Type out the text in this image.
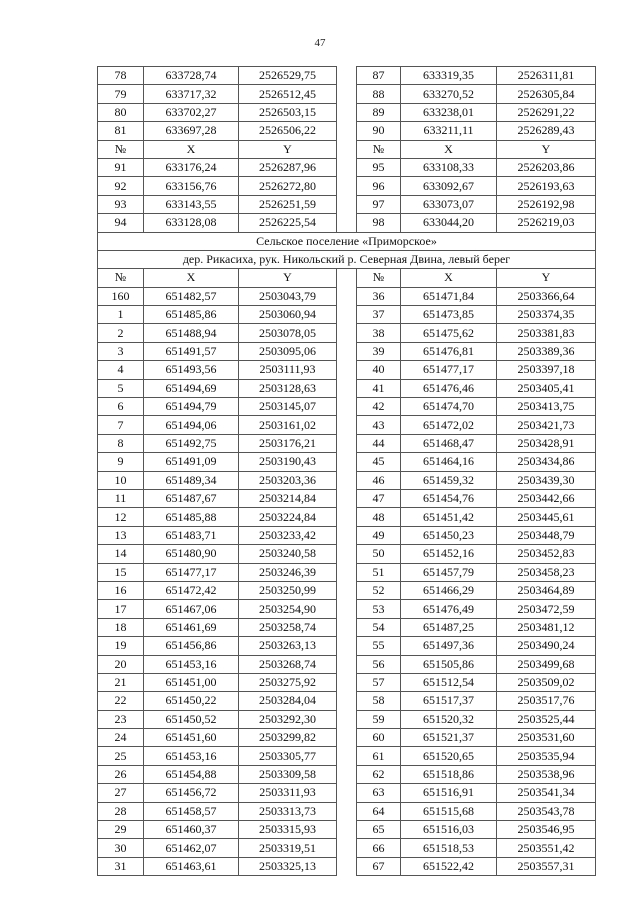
47
78	633728,74	2526529,75		87	633319,35	2526311,81
79	633717,32	2526512,45		88	633270,52	2526305,84
80	633702,27	2526503,15		89	633238,01	2526291,22
81	633697,28	2526506,22		90	633211,11	2526289,43
№	X	Y		№	X	Y
91	633176,24	2526287,96		95	633108,33	2526203,86
92	633156,76	2526272,80		96	633092,67	2526193,63
93	633143,55	2526251,59		97	633073,07	2526192,98
94	633128,08	2526225,54		98	633044,20	2526219,03
Сельское поселение «Приморское»						
дер. Рикасиха, рук. Никольский р. Северная Двина, левый берег						
№	X	Y		№	X	Y
160	651482,57	2503043,79		36	651471,84	2503366,64
1	651485,86	2503060,94		37	651473,85	2503374,35
2	651488,94	2503078,05		38	651475,62	2503381,83
3	651491,57	2503095,06		39	651476,81	2503389,36
4	651493,56	2503111,93		40	651477,17	2503397,18
5	651494,69	2503128,63		41	651476,46	2503405,41
6	651494,79	2503145,07		42	651474,70	2503413,75
7	651494,06	2503161,02		43	651472,02	2503421,73
8	651492,75	2503176,21		44	651468,47	2503428,91
9	651491,09	2503190,43		45	651464,16	2503434,86
10	651489,34	2503203,36		46	651459,32	2503439,30
11	651487,67	2503214,84		47	651454,76	2503442,66
12	651485,88	2503224,84		48	651451,42	2503445,61
13	651483,71	2503233,42		49	651450,23	2503448,79
14	651480,90	2503240,58		50	651452,16	2503452,83
15	651477,17	2503246,39		51	651457,79	2503458,23
16	651472,42	2503250,99		52	651466,29	2503464,89
17	651467,06	2503254,90		53	651476,49	2503472,59
18	651461,69	2503258,74		54	651487,25	2503481,12
19	651456,86	2503263,13		55	651497,36	2503490,24
20	651453,16	2503268,74		56	651505,86	2503499,68
21	651451,00	2503275,92		57	651512,54	2503509,02
22	651450,22	2503284,04		58	651517,37	2503517,76
23	651450,52	2503292,30		59	651520,32	2503525,44
24	651451,60	2503299,82		60	651521,37	2503531,60
25	651453,16	2503305,77		61	651520,65	2503535,94
26	651454,88	2503309,58		62	651518,86	2503538,96
27	651456,72	2503311,93		63	651516,91	2503541,34
28	651458,57	2503313,73		64	651515,68	2503543,78
29	651460,37	2503315,93		65	651516,03	2503546,95
30	651462,07	2503319,51		66	651518,53	2503551,42
31	651463,61	2503325,13		67	651522,42	2503557,31
